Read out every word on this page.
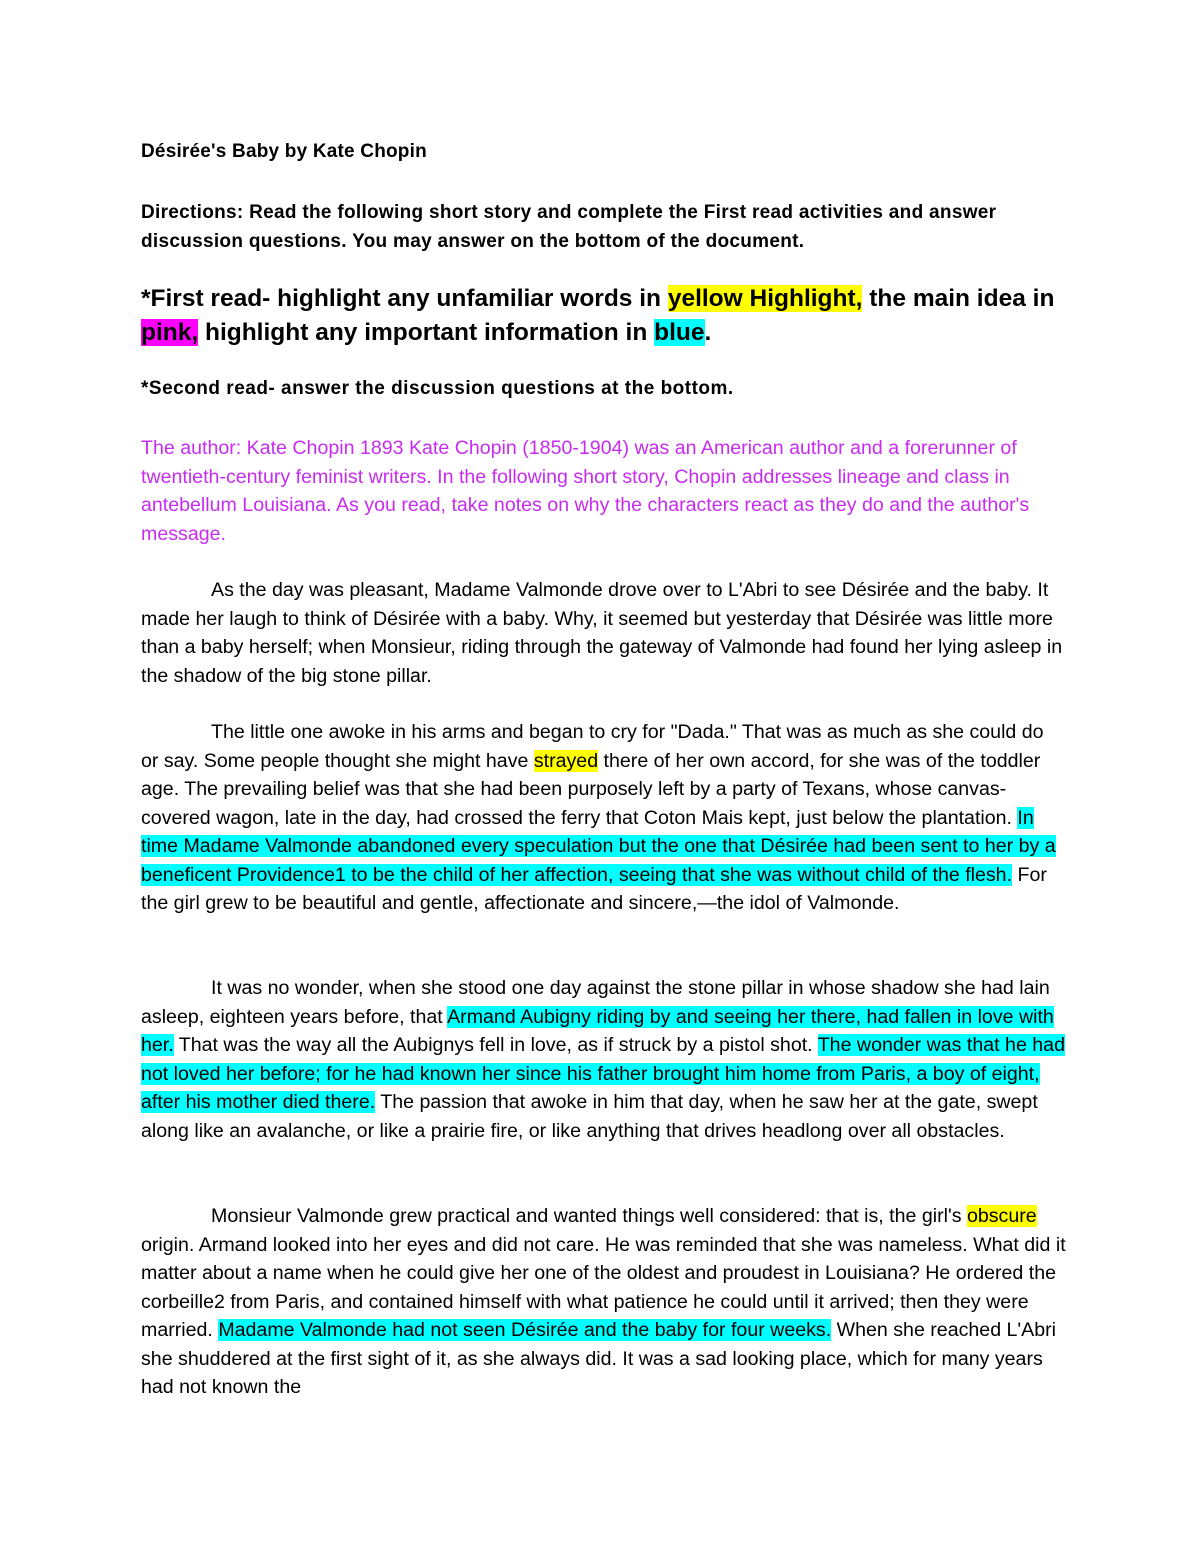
Désirée's Baby by Kate Chopin
Directions: Read the following short story and complete the First read activities and answer discussion questions. You may answer on the bottom of the document.
*First read- highlight any unfamiliar words in yellow Highlight, the main idea in pink, highlight any important information in blue.
*Second read- answer the discussion questions at the bottom.
The author: Kate Chopin 1893 Kate Chopin (1850-1904) was an American author and a forerunner of twentieth-century feminist writers. In the following short story, Chopin addresses lineage and class in antebellum Louisiana. As you read, take notes on why the characters react as they do and the author's message.

As the day was pleasant, Madame Valmonde drove over to L'Abri to see Désirée and the baby. It made her laugh to think of Désirée with a baby. Why, it seemed but yesterday that Désirée was little more than a baby herself; when Monsieur, riding through the gateway of Valmonde had found her lying asleep in the shadow of the big stone pillar.

The little one awoke in his arms and began to cry for "Dada." That was as much as she could do or say. Some people thought she might have strayed there of her own accord, for she was of the toddler age. The prevailing belief was that she had been purposely left by a party of Texans, whose canvas-covered wagon, late in the day, had crossed the ferry that Coton Mais kept, just below the plantation. In time Madame Valmonde abandoned every speculation but the one that Désirée had been sent to her by a beneficent Providence1 to be the child of her affection, seeing that she was without child of the flesh. For the girl grew to be beautiful and gentle, affectionate and sincere,—the idol of Valmonde.

It was no wonder, when she stood one day against the stone pillar in whose shadow she had lain asleep, eighteen years before, that Armand Aubigny riding by and seeing her there, had fallen in love with her. That was the way all the Aubignys fell in love, as if struck by a pistol shot. The wonder was that he had not loved her before; for he had known her since his father brought him home from Paris, a boy of eight, after his mother died there. The passion that awoke in him that day, when he saw her at the gate, swept along like an avalanche, or like a prairie fire, or like anything that drives headlong over all obstacles.

Monsieur Valmonde grew practical and wanted things well considered: that is, the girl's obscure origin. Armand looked into her eyes and did not care. He was reminded that she was nameless. What did it matter about a name when he could give her one of the oldest and proudest in Louisiana? He ordered the corbeille2 from Paris, and contained himself with what patience he could until it arrived; then they were married. Madame Valmonde had not seen Désirée and the baby for four weeks. When she reached L'Abri she shuddered at the first sight of it, as she always did. It was a sad looking place, which for many years had not known the
